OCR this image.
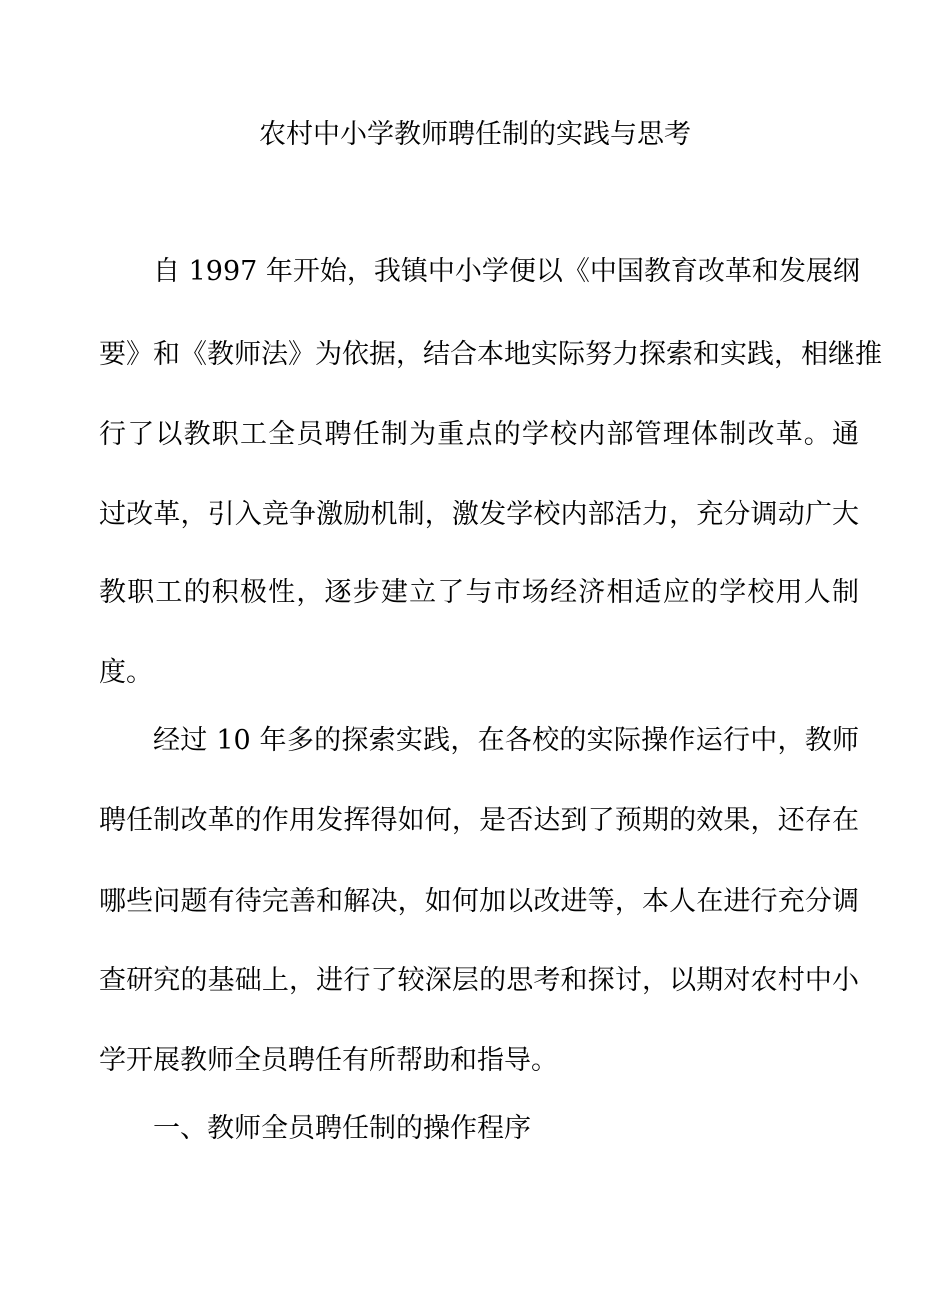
农村中小学教师聘任制的实践与思考
自 1997 年开始，我镇中小学便以《中国教育改革和发展纲
要》和《教师法》为依据，结合本地实际努力探索和实践，相继推
行了以教职工全员聘任制为重点的学校内部管理体制改革。通
过改革，引入竞争激励机制，激发学校内部活力，充分调动广大
教职工的积极性，逐步建立了与市场经济相适应的学校用人制
度。
经过 10 年多的探索实践，在各校的实际操作运行中，教师
聘任制改革的作用发挥得如何，是否达到了预期的效果，还存在
哪些问题有待完善和解决，如何加以改进等，本人在进行充分调
查研究的基础上，进行了较深层的思考和探讨，以期对农村中小
学开展教师全员聘任有所帮助和指导。
一、教师全员聘任制的操作程序
